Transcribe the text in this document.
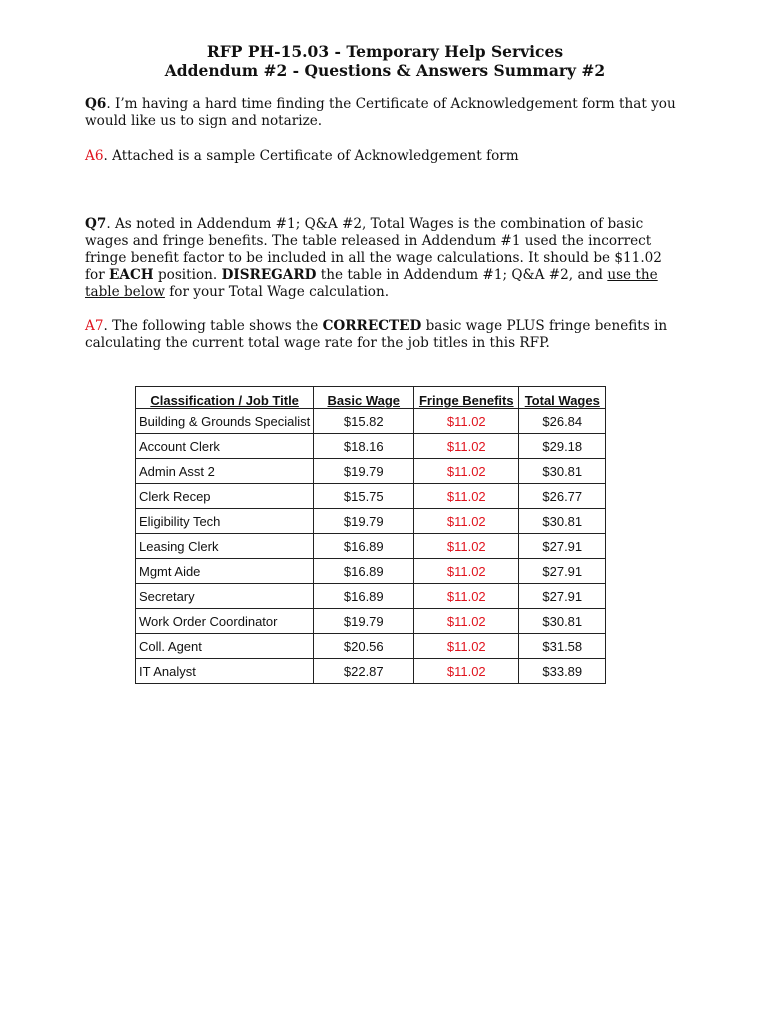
RFP PH-15.03 - Temporary Help Services
Addendum #2 - Questions & Answers Summary #2
Q6. I’m having a hard time finding the Certificate of Acknowledgement form that you would like us to sign and notarize.
A6. Attached is a sample Certificate of Acknowledgement form
Q7. As noted in Addendum #1; Q&A #2, Total Wages is the combination of basic wages and fringe benefits. The table released in Addendum #1 used the incorrect fringe benefit factor to be included in all the wage calculations. It should be $11.02 for EACH position. DISREGARD the table in Addendum #1; Q&A #2, and use the table below for your Total Wage calculation.
A7. The following table shows the CORRECTED basic wage PLUS fringe benefits in calculating the current total wage rate for the job titles in this RFP.
Classification / Job Title	Basic Wage	Fringe Benefits	Total Wages
Building & Grounds Specialist	$15.82	$11.02	$26.84
Account Clerk	$18.16	$11.02	$29.18
Admin Asst 2	$19.79	$11.02	$30.81
Clerk Recep	$15.75	$11.02	$26.77
Eligibility Tech	$19.79	$11.02	$30.81
Leasing Clerk	$16.89	$11.02	$27.91
Mgmt Aide	$16.89	$11.02	$27.91
Secretary	$16.89	$11.02	$27.91
Work Order Coordinator	$19.79	$11.02	$30.81
Coll. Agent	$20.56	$11.02	$31.58
IT Analyst	$22.87	$11.02	$33.89
